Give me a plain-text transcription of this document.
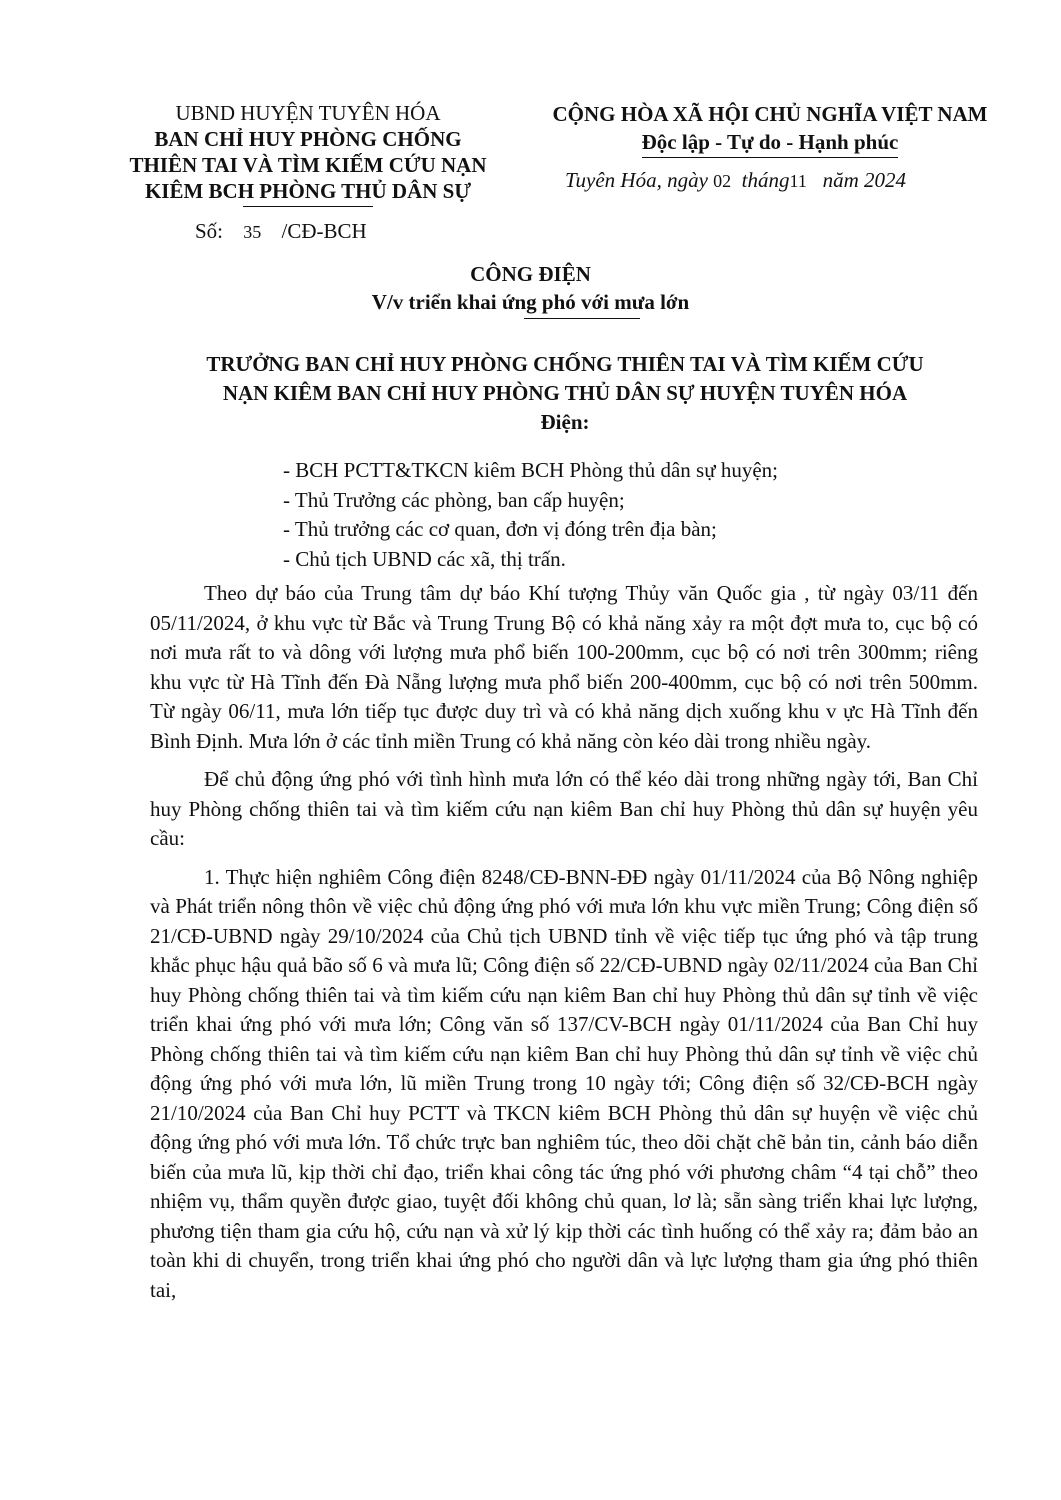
UBND HUYỆN TUYÊN HÓA
BAN CHỈ HUY PHÒNG CHỐNG
THIÊN TAI VÀ TÌM KIẾM CỨU NẠN
KIÊM BCH PHÒNG THỦ DÂN SỰ
Số: 35 /CĐ-BCH
CỘNG HÒA XÃ HỘI CHỦ NGHĨA VIỆT NAM
Độc lập - Tự do - Hạnh phúc
Tuyên Hóa, ngày 02 tháng11 năm 2024
CÔNG ĐIỆN
V/v triển khai ứng phó với mưa lớn
TRƯỞNG BAN CHỈ HUY PHÒNG CHỐNG THIÊN TAI VÀ TÌM KIẾM CỨU
NẠN KIÊM BAN CHỈ HUY PHÒNG THỦ DÂN SỰ HUYỆN TUYÊN HÓA
Điện:
- BCH PCTT&TKCN kiêm BCH Phòng thủ dân sự huyện;
- Thủ Trưởng các phòng, ban cấp huyện;
- Thủ trưởng các cơ quan, đơn vị đóng trên địa bàn;
- Chủ tịch UBND các xã, thị trấn.

Theo dự báo của Trung tâm dự báo Khí tượng Thủy văn Quốc gia , từ ngày 03/11 đến 05/11/2024, ở khu vực từ Bắc và Trung Trung Bộ có khả năng xảy ra một đợt mưa to, cục bộ có nơi mưa rất to và dông với lượng mưa phổ biến 100-200mm, cục bộ có nơi trên 300mm; riêng khu vực từ Hà Tĩnh đến Đà Nẵng lượng mưa phổ biến 200-400mm, cục bộ có nơi trên 500mm. Từ ngày 06/11, mưa lớn tiếp tục được duy trì và có khả năng dịch xuống khu v ực Hà Tĩnh đến Bình Định. Mưa lớn ở các tỉnh miền Trung có khả năng còn kéo dài trong nhiều ngày.

Để chủ động ứng phó với tình hình mưa lớn có thể kéo dài trong những ngày tới, Ban Chỉ huy Phòng chống thiên tai và tìm kiếm cứu nạn kiêm Ban chỉ huy Phòng thủ dân sự huyện yêu cầu:

1. Thực hiện nghiêm Công điện 8248/CĐ-BNN-ĐĐ ngày 01/11/2024 của Bộ Nông nghiệp và Phát triển nông thôn về việc chủ động ứng phó với mưa lớn khu vực miền Trung; Công điện số 21/CĐ-UBND ngày 29/10/2024 của Chủ tịch UBND tỉnh về việc tiếp tục ứng phó và tập trung khắc phục hậu quả bão số 6 và mưa lũ; Công điện số 22/CĐ-UBND ngày 02/11/2024 của Ban Chỉ huy Phòng chống thiên tai và tìm kiếm cứu nạn kiêm Ban chỉ huy Phòng thủ dân sự tỉnh về việc triển khai ứng phó với mưa lớn; Công văn số 137/CV-BCH ngày 01/11/2024 của Ban Chỉ huy Phòng chống thiên tai và tìm kiếm cứu nạn kiêm Ban chỉ huy Phòng thủ dân sự tỉnh về việc chủ động ứng phó với mưa lớn, lũ miền Trung trong 10 ngày tới; Công điện số 32/CĐ-BCH ngày 21/10/2024 của Ban Chỉ huy PCTT và TKCN kiêm BCH Phòng thủ dân sự huyện về việc chủ động ứng phó với mưa lớn. Tổ chức trực ban nghiêm túc, theo dõi chặt chẽ bản tin, cảnh báo diễn biến của mưa lũ, kịp thời chỉ đạo, triển khai công tác ứng phó với phương châm “4 tại chỗ” theo nhiệm vụ, thẩm quyền được giao, tuyệt đối không chủ quan, lơ là; sẵn sàng triển khai lực lượng, phương tiện tham gia cứu hộ, cứu nạn và xử lý kịp thời các tình huống có thể xảy ra; đảm bảo an toàn khi di chuyển, trong triển khai ứng phó cho người dân và lực lượng tham gia ứng phó thiên tai,
